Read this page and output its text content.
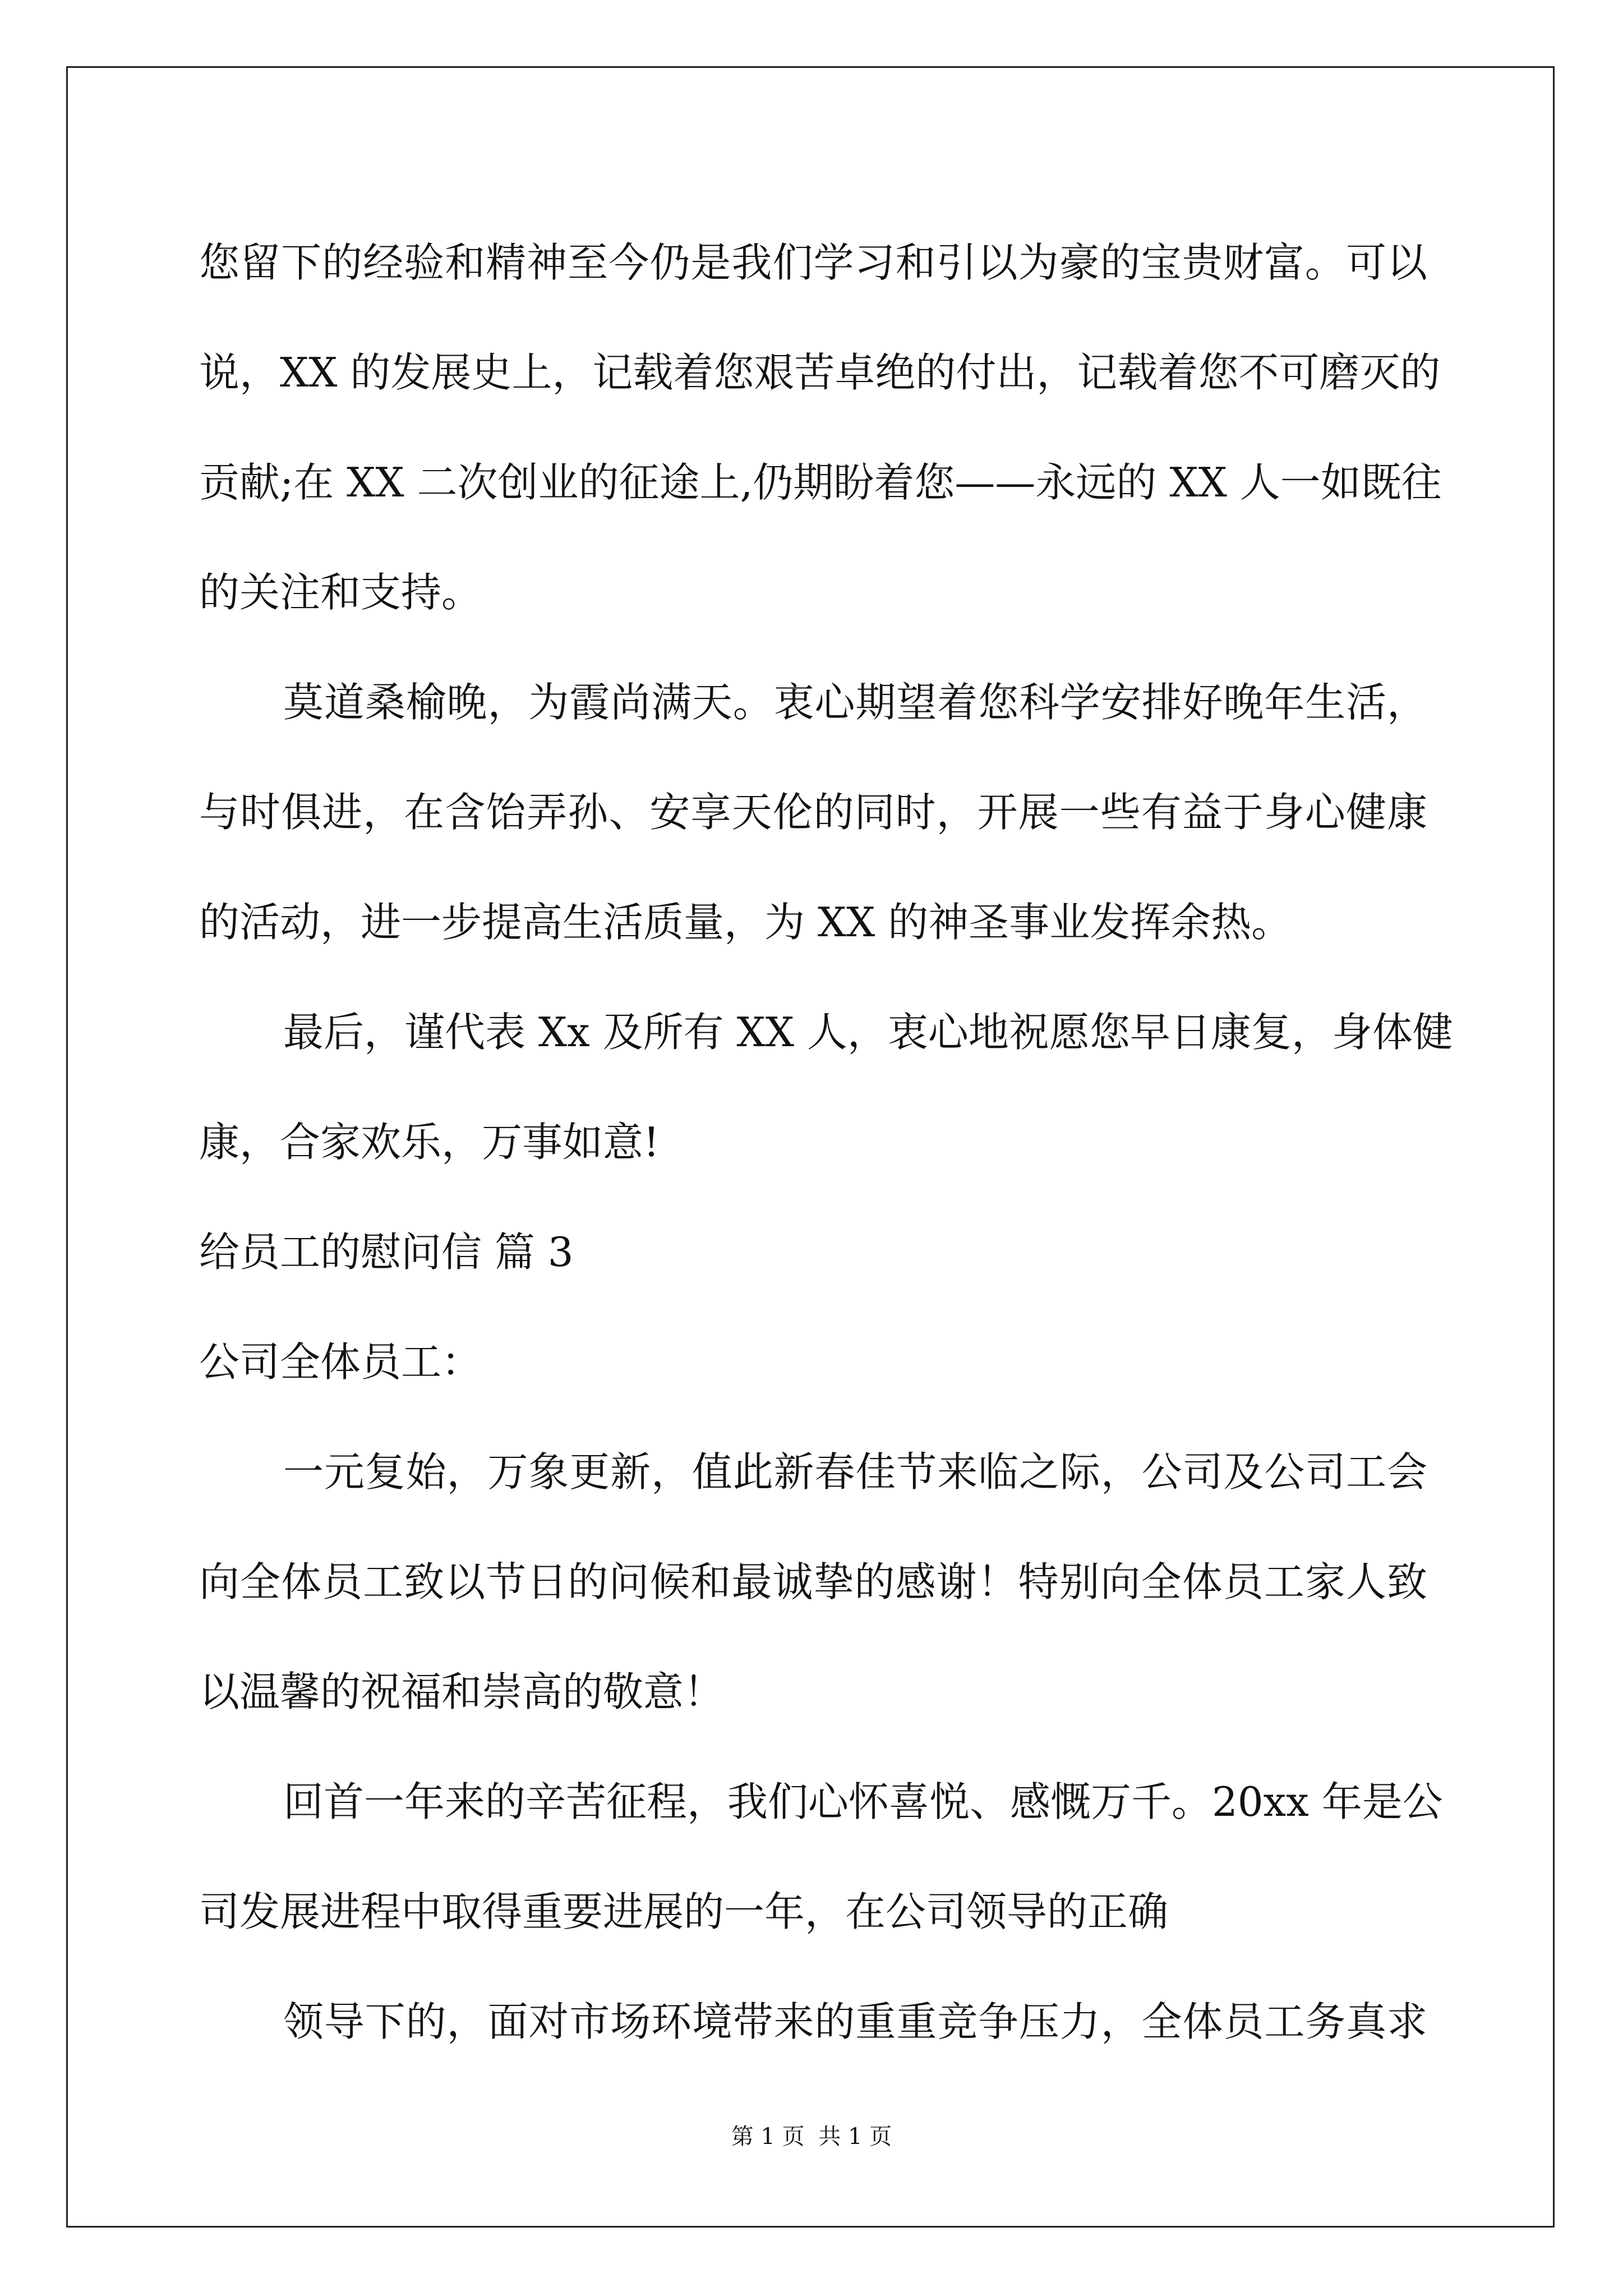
您留下的经验和精神至今仍是我们学习和引以为豪的宝贵财富。可以
说，XX 的发展史上，记载着您艰苦卓绝的付出，记载着您不可磨灭的
贡献;在 XX 二次创业的征途上,仍期盼着您——永远的 XX 人一如既往
的关注和支持。
莫道桑榆晚，为霞尚满天。衷心期望着您科学安排好晚年生活，
与时俱进，在含饴弄孙、安享天伦的同时，开展一些有益于身心健康
的活动，进一步提高生活质量，为 XX 的神圣事业发挥余热。
最后，谨代表 Xx 及所有 XX 人，衷心地祝愿您早日康复，身体健
康，合家欢乐，万事如意!
给员工的慰问信 篇 3
公司全体员工：
一元复始，万象更新，值此新春佳节来临之际，公司及公司工会
向全体员工致以节日的问候和最诚挚的感谢！特别向全体员工家人致
以温馨的祝福和崇高的敬意！
回首一年来的辛苦征程，我们心怀喜悦、感慨万千。20xx 年是公
司发展进程中取得重要进展的一年，在公司领导的正确
领导下的，面对市场环境带来的重重竞争压力，全体员工务真求
第 1 页 共 1 页
